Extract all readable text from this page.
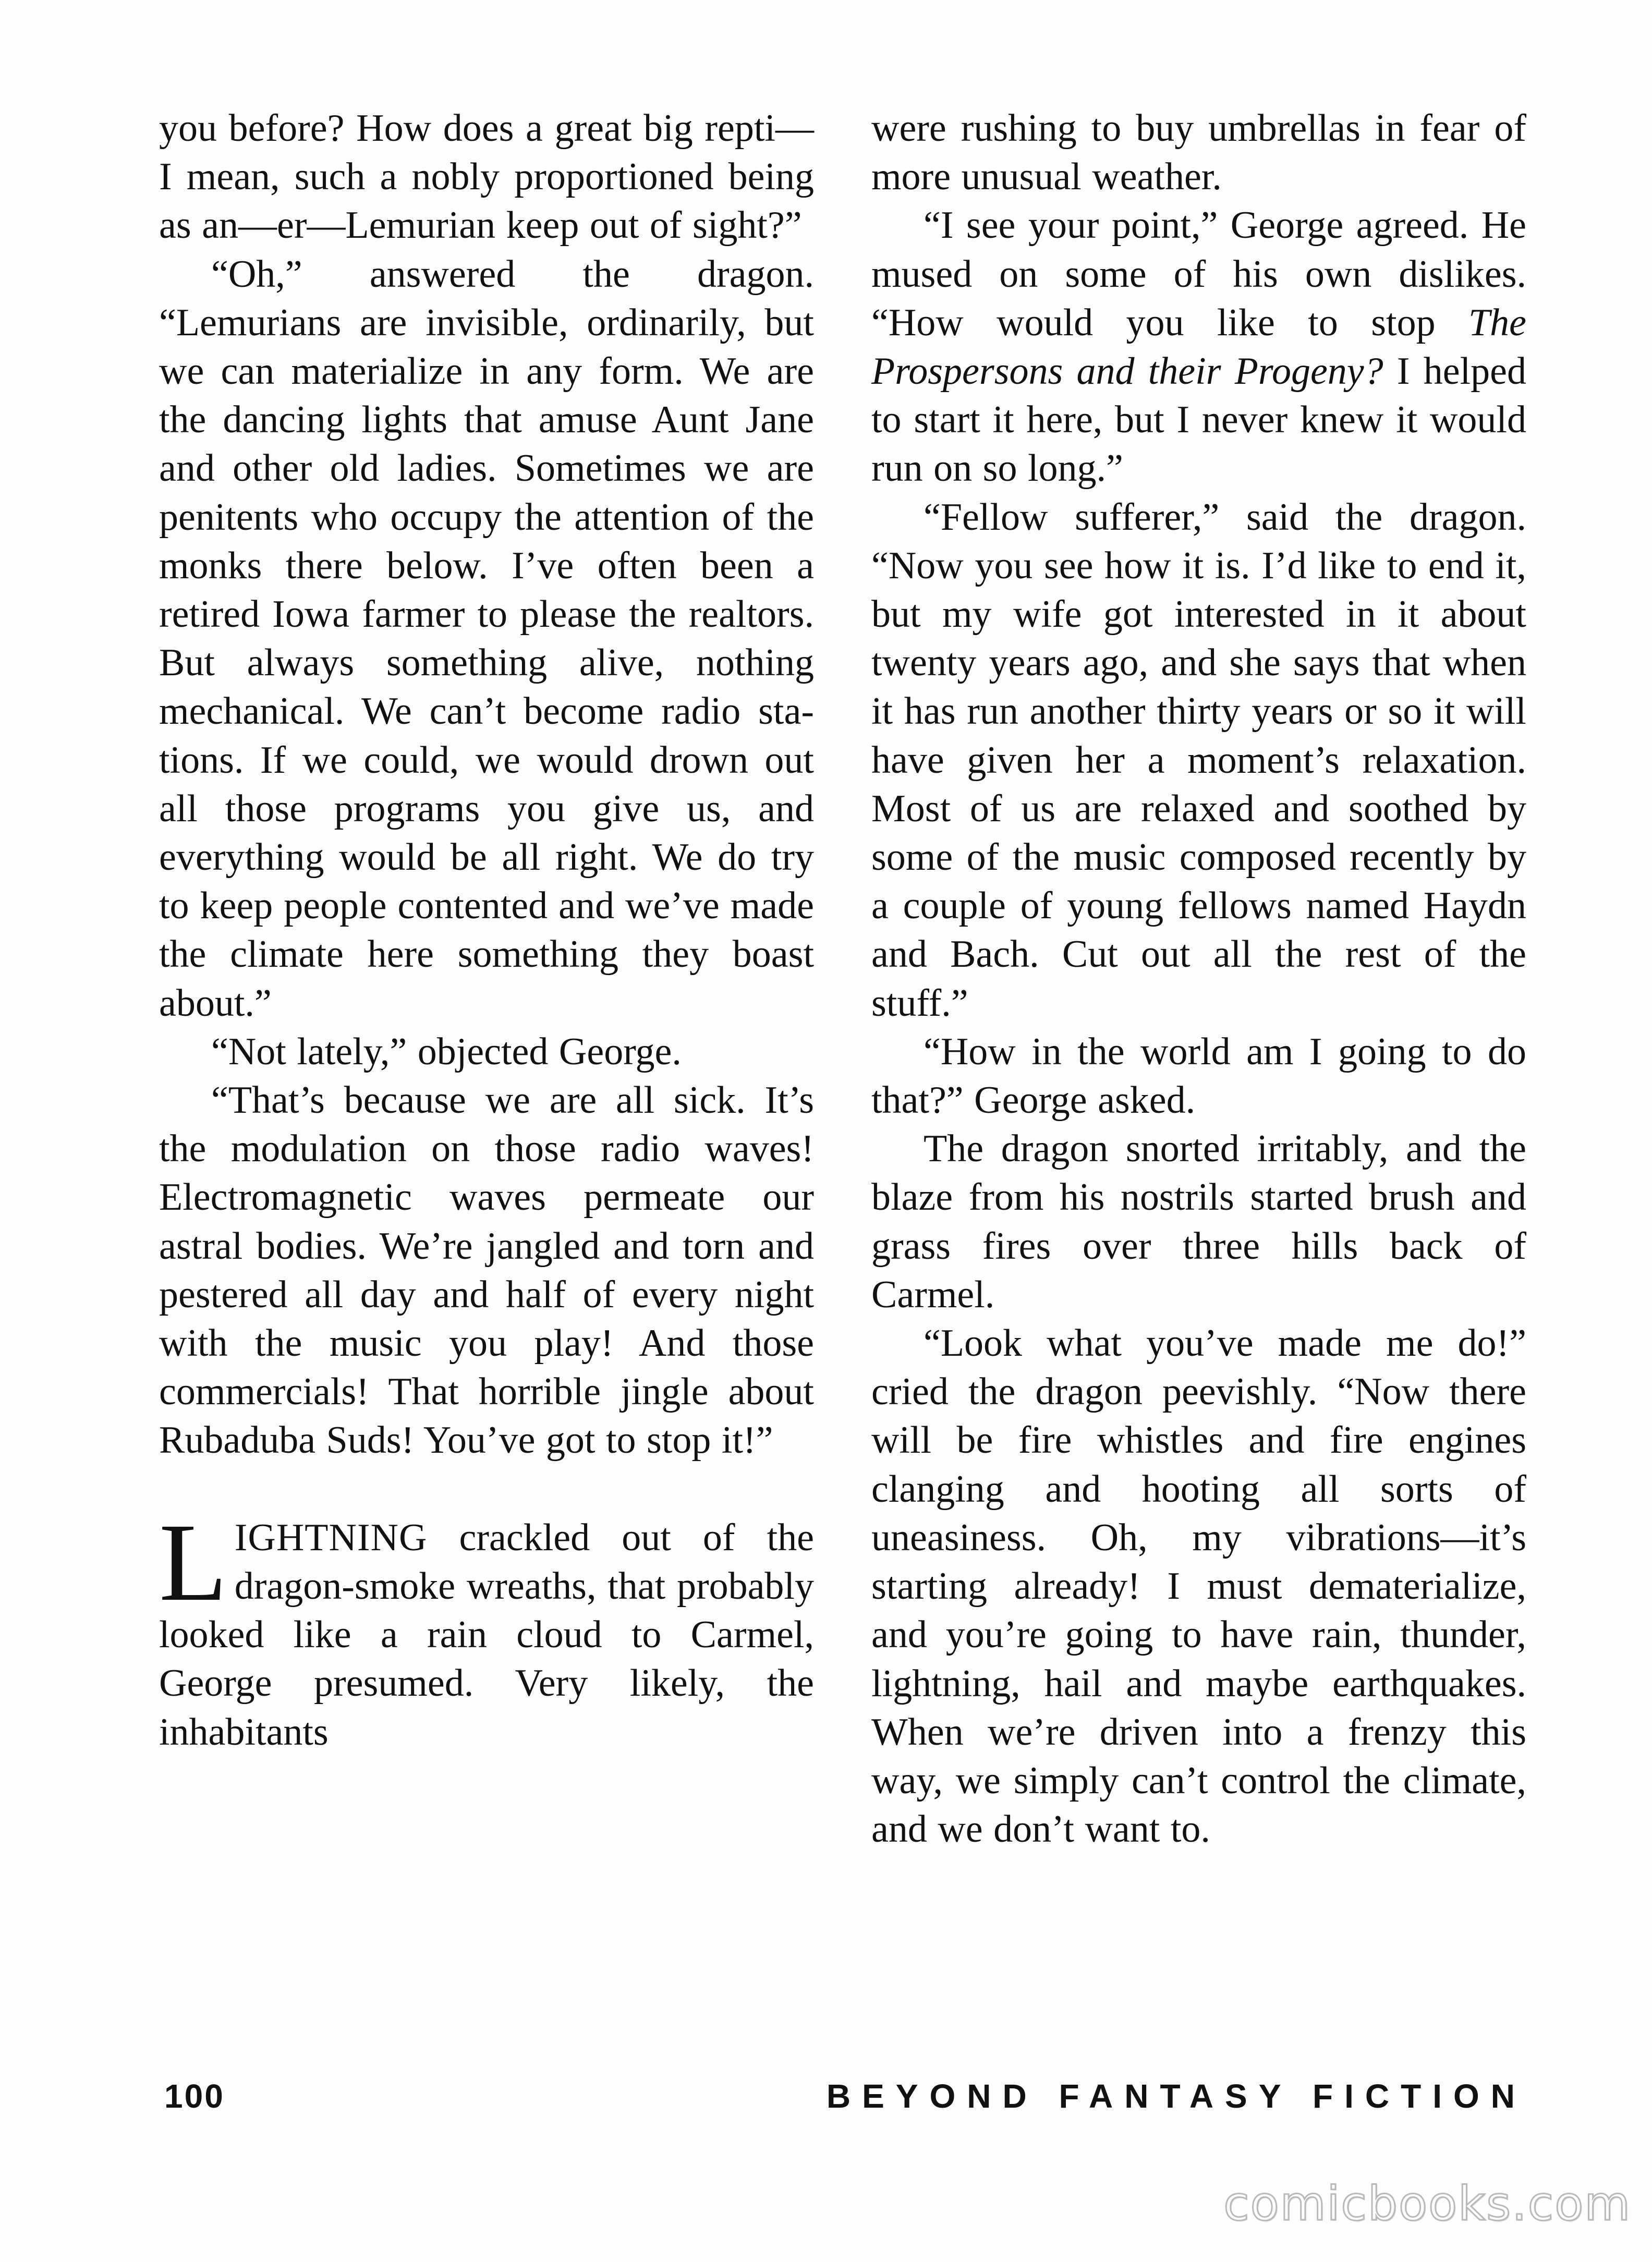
you before? How does a great big repti—I mean, such a nobly proportioned being as an—er—Lemurian keep out of sight?”

“Oh,” answered the dragon. “Lemurians are invisible, ordinarily, but we can materialize in any form. We are the dancing lights that amuse Aunt Jane and other old ladies. Sometimes we are penitents who occupy the attention of the monks there below. I’ve often been a retired Iowa farmer to please the realtors. But always something alive, nothing mechanical. We can’t become radio stations. If we could, we would drown out all those programs you give us, and everything would be all right. We do try to keep people contented and we’ve made the climate here something they boast about.”

“Not lately,” objected George.

“That’s because we are all sick. It’s the modulation on those radio waves! Electromagnetic waves permeate our astral bodies. We’re jangled and torn and pestered all day and half of every night with the music you play! And those commercials! That horrible jingle about Rubaduba Suds! You’ve got to stop it!”

LIGHTNING crackled out of the dragon-smoke wreaths, that probably looked like a rain cloud to Carmel, George presumed. Very likely, the inhabitants

were rushing to buy umbrellas in fear of more unusual weather.

“I see your point,” George agreed. He mused on some of his own dislikes. “How would you like to stop The Prospersons and their Progeny? I helped to start it here, but I never knew it would run on so long.”

“Fellow sufferer,” said the dragon. “Now you see how it is. I’d like to end it, but my wife got interested in it about twenty years ago, and she says that when it has run another thirty years or so it will have given her a moment’s relaxation. Most of us are relaxed and soothed by some of the music composed recently by a couple of young fellows named Haydn and Bach. Cut out all the rest of the stuff.”

“How in the world am I going to do that?” George asked.

The dragon snorted irritably, and the blaze from his nostrils started brush and grass fires over three hills back of Carmel.

“Look what you’ve made me do!” cried the dragon peevishly. “Now there will be fire whistles and fire engines clanging and hooting all sorts of uneasiness. Oh, my vibrations—it’s starting already! I must dematerialize, and you’re going to have rain, thunder, lightning, hail and maybe earthquakes. When we’re driven into a frenzy this way, we simply can’t control the climate, and we don’t want to.

100	BEYOND FANTASY FICTION
comicbooks.com
